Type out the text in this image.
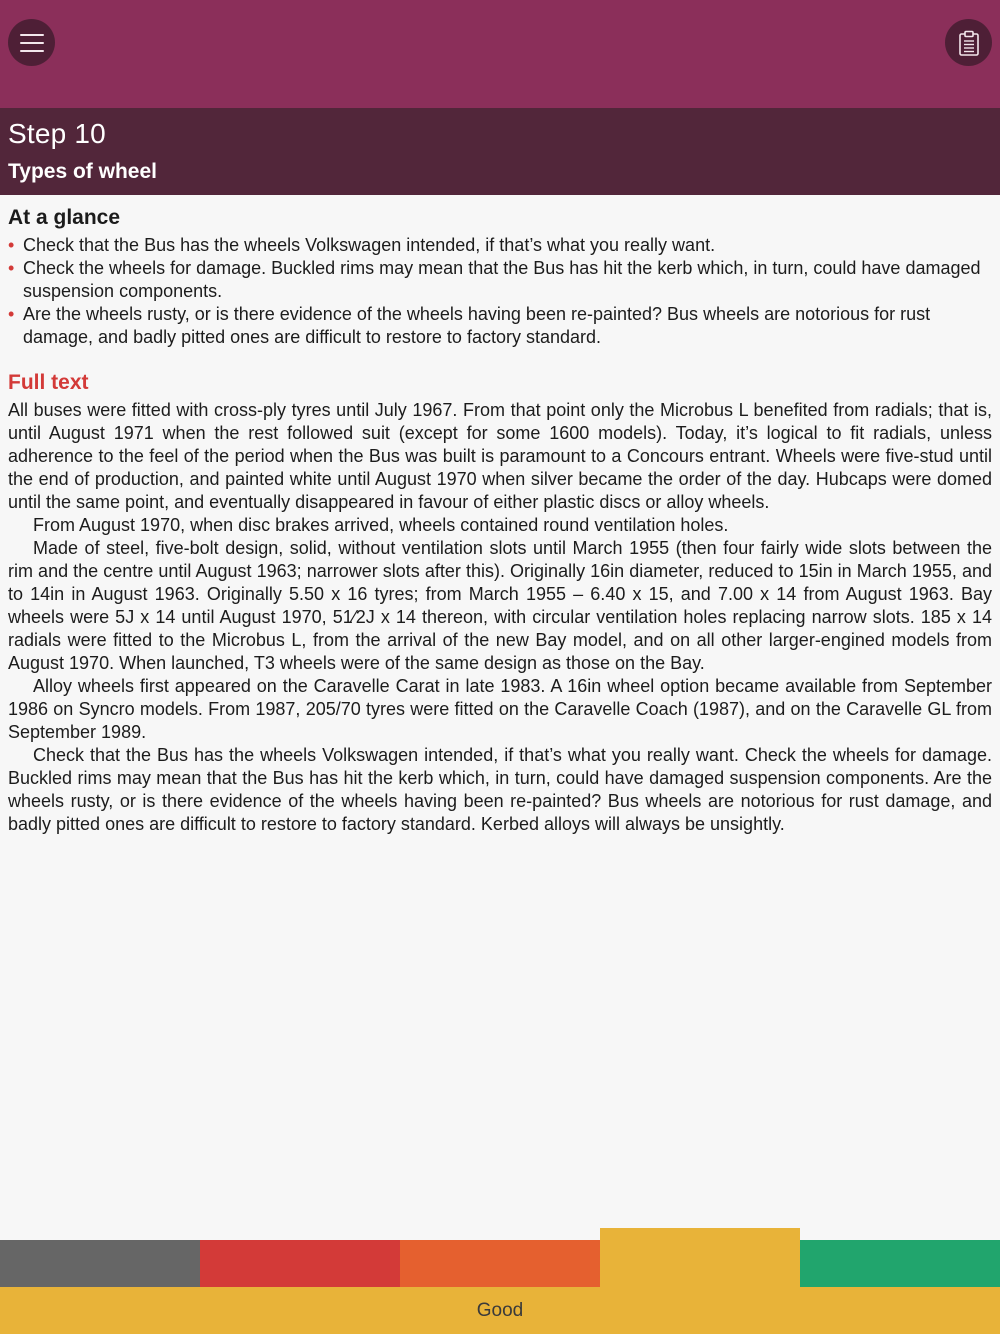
Step 10
Types of wheel
At a glance
• Check that the Bus has the wheels Volkswagen intended, if that’s what you really want.
• Check the wheels for damage. Buckled rims may mean that the Bus has hit the kerb which, in turn, could have damaged suspension components.
• Are the wheels rusty, or is there evidence of the wheels having been re-painted? Bus wheels are notorious for rust damage, and badly pitted ones are difficult to restore to factory standard.
Full text

All buses were fitted with cross-ply tyres until July 1967. From that point only the Microbus L benefited from radials; that is, until August 1971 when the rest followed suit (except for some 1600 models). Today, it’s logical to fit radials, unless adherence to the feel of the period when the Bus was built is paramount to a Concours entrant. Wheels were five-stud until the end of production, and painted white until August 1970 when silver became the order of the day. Hubcaps were domed until the same point, and eventually disappeared in favour of either plastic discs or alloy wheels.

From August 1970, when disc brakes arrived, wheels contained round ventilation holes.

Made of steel, five-bolt design, solid, without ventilation slots until March 1955 (then four fairly wide slots between the rim and the centre until August 1963; narrower slots after this). Originally 16in diameter, reduced to 15in in March 1955, and to 14in in August 1963. Originally 5.50 x 16 tyres; from March 1955 – 6.40 x 15, and 7.00 x 14 from August 1963. Bay wheels were 5J x 14 until August 1970, 51⁄2J x 14 thereon, with circular ventilation holes replacing narrow slots. 185 x 14 radials were fitted to the Microbus L, from the arrival of the new Bay model, and on all other larger-engined models from August 1970. When launched, T3 wheels were of the same design as those on the Bay.

Alloy wheels first appeared on the Caravelle Carat in late 1983. A 16in wheel option became available from September 1986 on Syncro models. From 1987, 205/70 tyres were fitted on the Caravelle Coach (1987), and on the Caravelle GL from September 1989.

Check that the Bus has the wheels Volkswagen intended, if that’s what you really want. Check the wheels for damage. Buckled rims may mean that the Bus has hit the kerb which, in turn, could have damaged suspension components. Are the wheels rusty, or is there evidence of the wheels having been re-painted? Bus wheels are notorious for rust damage, and badly pitted ones are difficult to restore to factory standard. Kerbed alloys will always be unsightly.

Good
